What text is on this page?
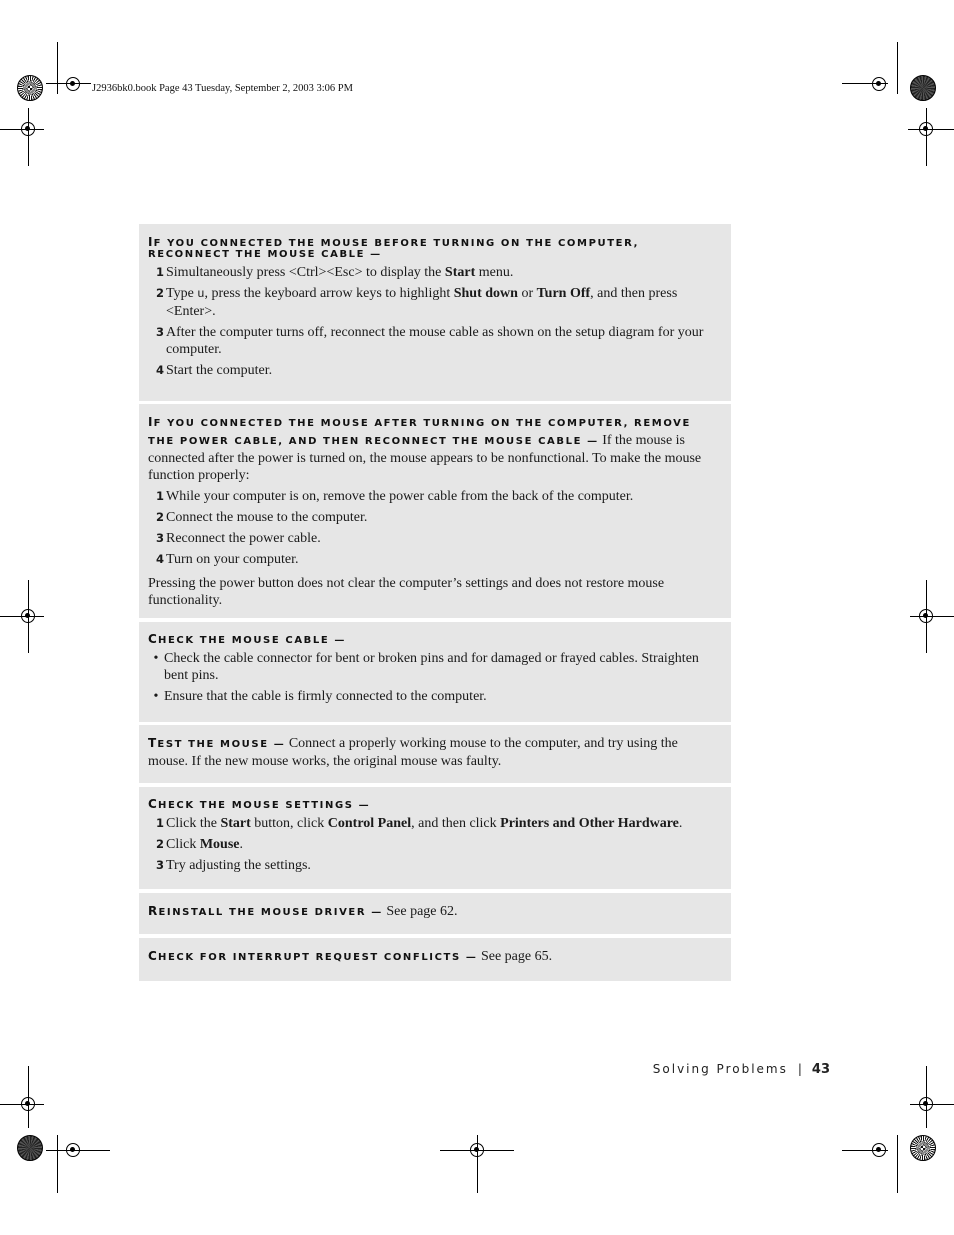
J2936bk0.book Page 43 Tuesday, September 2, 2003 3:06 PM
IF YOU CONNECTED THE MOUSE BEFORE TURNING ON THE COMPUTER, RECONNECT THE MOUSE CABLE —
1 Simultaneously press <Ctrl><Esc> to display the Start menu.
2 Type u, press the keyboard arrow keys to highlight Shut down or Turn Off, and then press <Enter>.
3 After the computer turns off, reconnect the mouse cable as shown on the setup diagram for your computer.
4 Start the computer.
IF YOU CONNECTED THE MOUSE AFTER TURNING ON THE COMPUTER, REMOVE THE POWER CABLE, AND THEN RECONNECT THE MOUSE CABLE — If the mouse is connected after the power is turned on, the mouse appears to be nonfunctional. To make the mouse function properly:
1 While your computer is on, remove the power cable from the back of the computer.
2 Connect the mouse to the computer.
3 Reconnect the power cable.
4 Turn on your computer.
Pressing the power button does not clear the computer’s settings and does not restore mouse functionality.
CHECK THE MOUSE CABLE —
• Check the cable connector for bent or broken pins and for damaged or frayed cables. Straighten bent pins.
• Ensure that the cable is firmly connected to the computer.
TEST THE MOUSE — Connect a properly working mouse to the computer, and try using the mouse. If the new mouse works, the original mouse was faulty.
CHECK THE MOUSE SETTINGS —
1 Click the Start button, click Control Panel, and then click Printers and Other Hardware.
2 Click Mouse.
3 Try adjusting the settings.
REINSTALL THE MOUSE DRIVER — See page 62.
CHECK FOR INTERRUPT REQUEST CONFLICTS — See page 65.
Solving Problems | 43
